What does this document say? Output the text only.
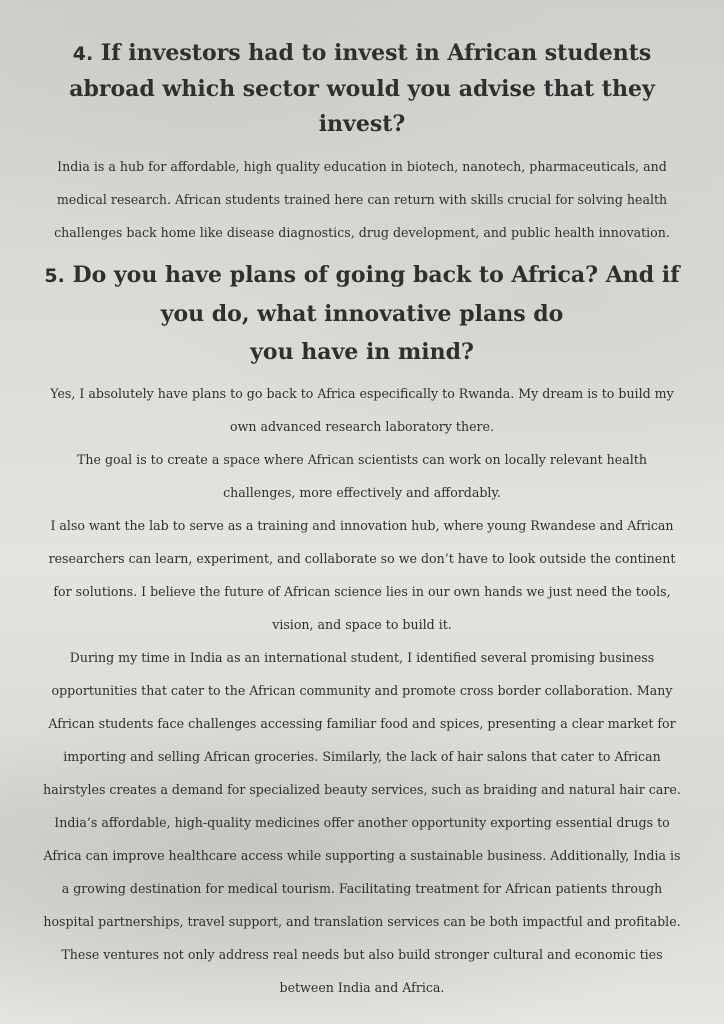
4. If investors had to invest in African students abroad which sector would you advise that they invest?

India is a hub for affordable, high quality education in biotech, nanotech, pharmaceuticals, and medical research. African students trained here can return with skills crucial for solving health challenges back home like disease diagnostics, drug development, and public health innovation.

5. Do you have plans of going back to Africa? And if
you do, what innovative plans do
you have in mind?

Yes, I absolutely have plans to go back to Africa especifically to Rwanda. My dream is to build my own advanced research laboratory there.

The goal is to create a space where African scientists can work on locally relevant health challenges, more effectively and affordably.

I also want the lab to serve as a training and innovation hub, where young Rwandese and African researchers can learn, experiment, and collaborate so we don’t have to look outside the continent for solutions. I believe the future of African science lies in our own hands we just need the tools, vision, and space to build it.

During my time in India as an international student, I identified several promising business opportunities that cater to the African community and promote cross border collaboration. Many African students face challenges accessing familiar food and spices, presenting a clear market for importing and selling African groceries. Similarly, the lack of hair salons that cater to African hairstyles creates a demand for specialized beauty services, such as braiding and natural hair care. India’s affordable, high-quality medicines offer another opportunity exporting essential drugs to Africa can improve healthcare access while supporting a sustainable business. Additionally, India is a growing destination for medical tourism. Facilitating treatment for African patients through hospital partnerships, travel support, and translation services can be both impactful and profitable. These ventures not only address real needs but also build stronger cultural and economic ties between India and Africa.
